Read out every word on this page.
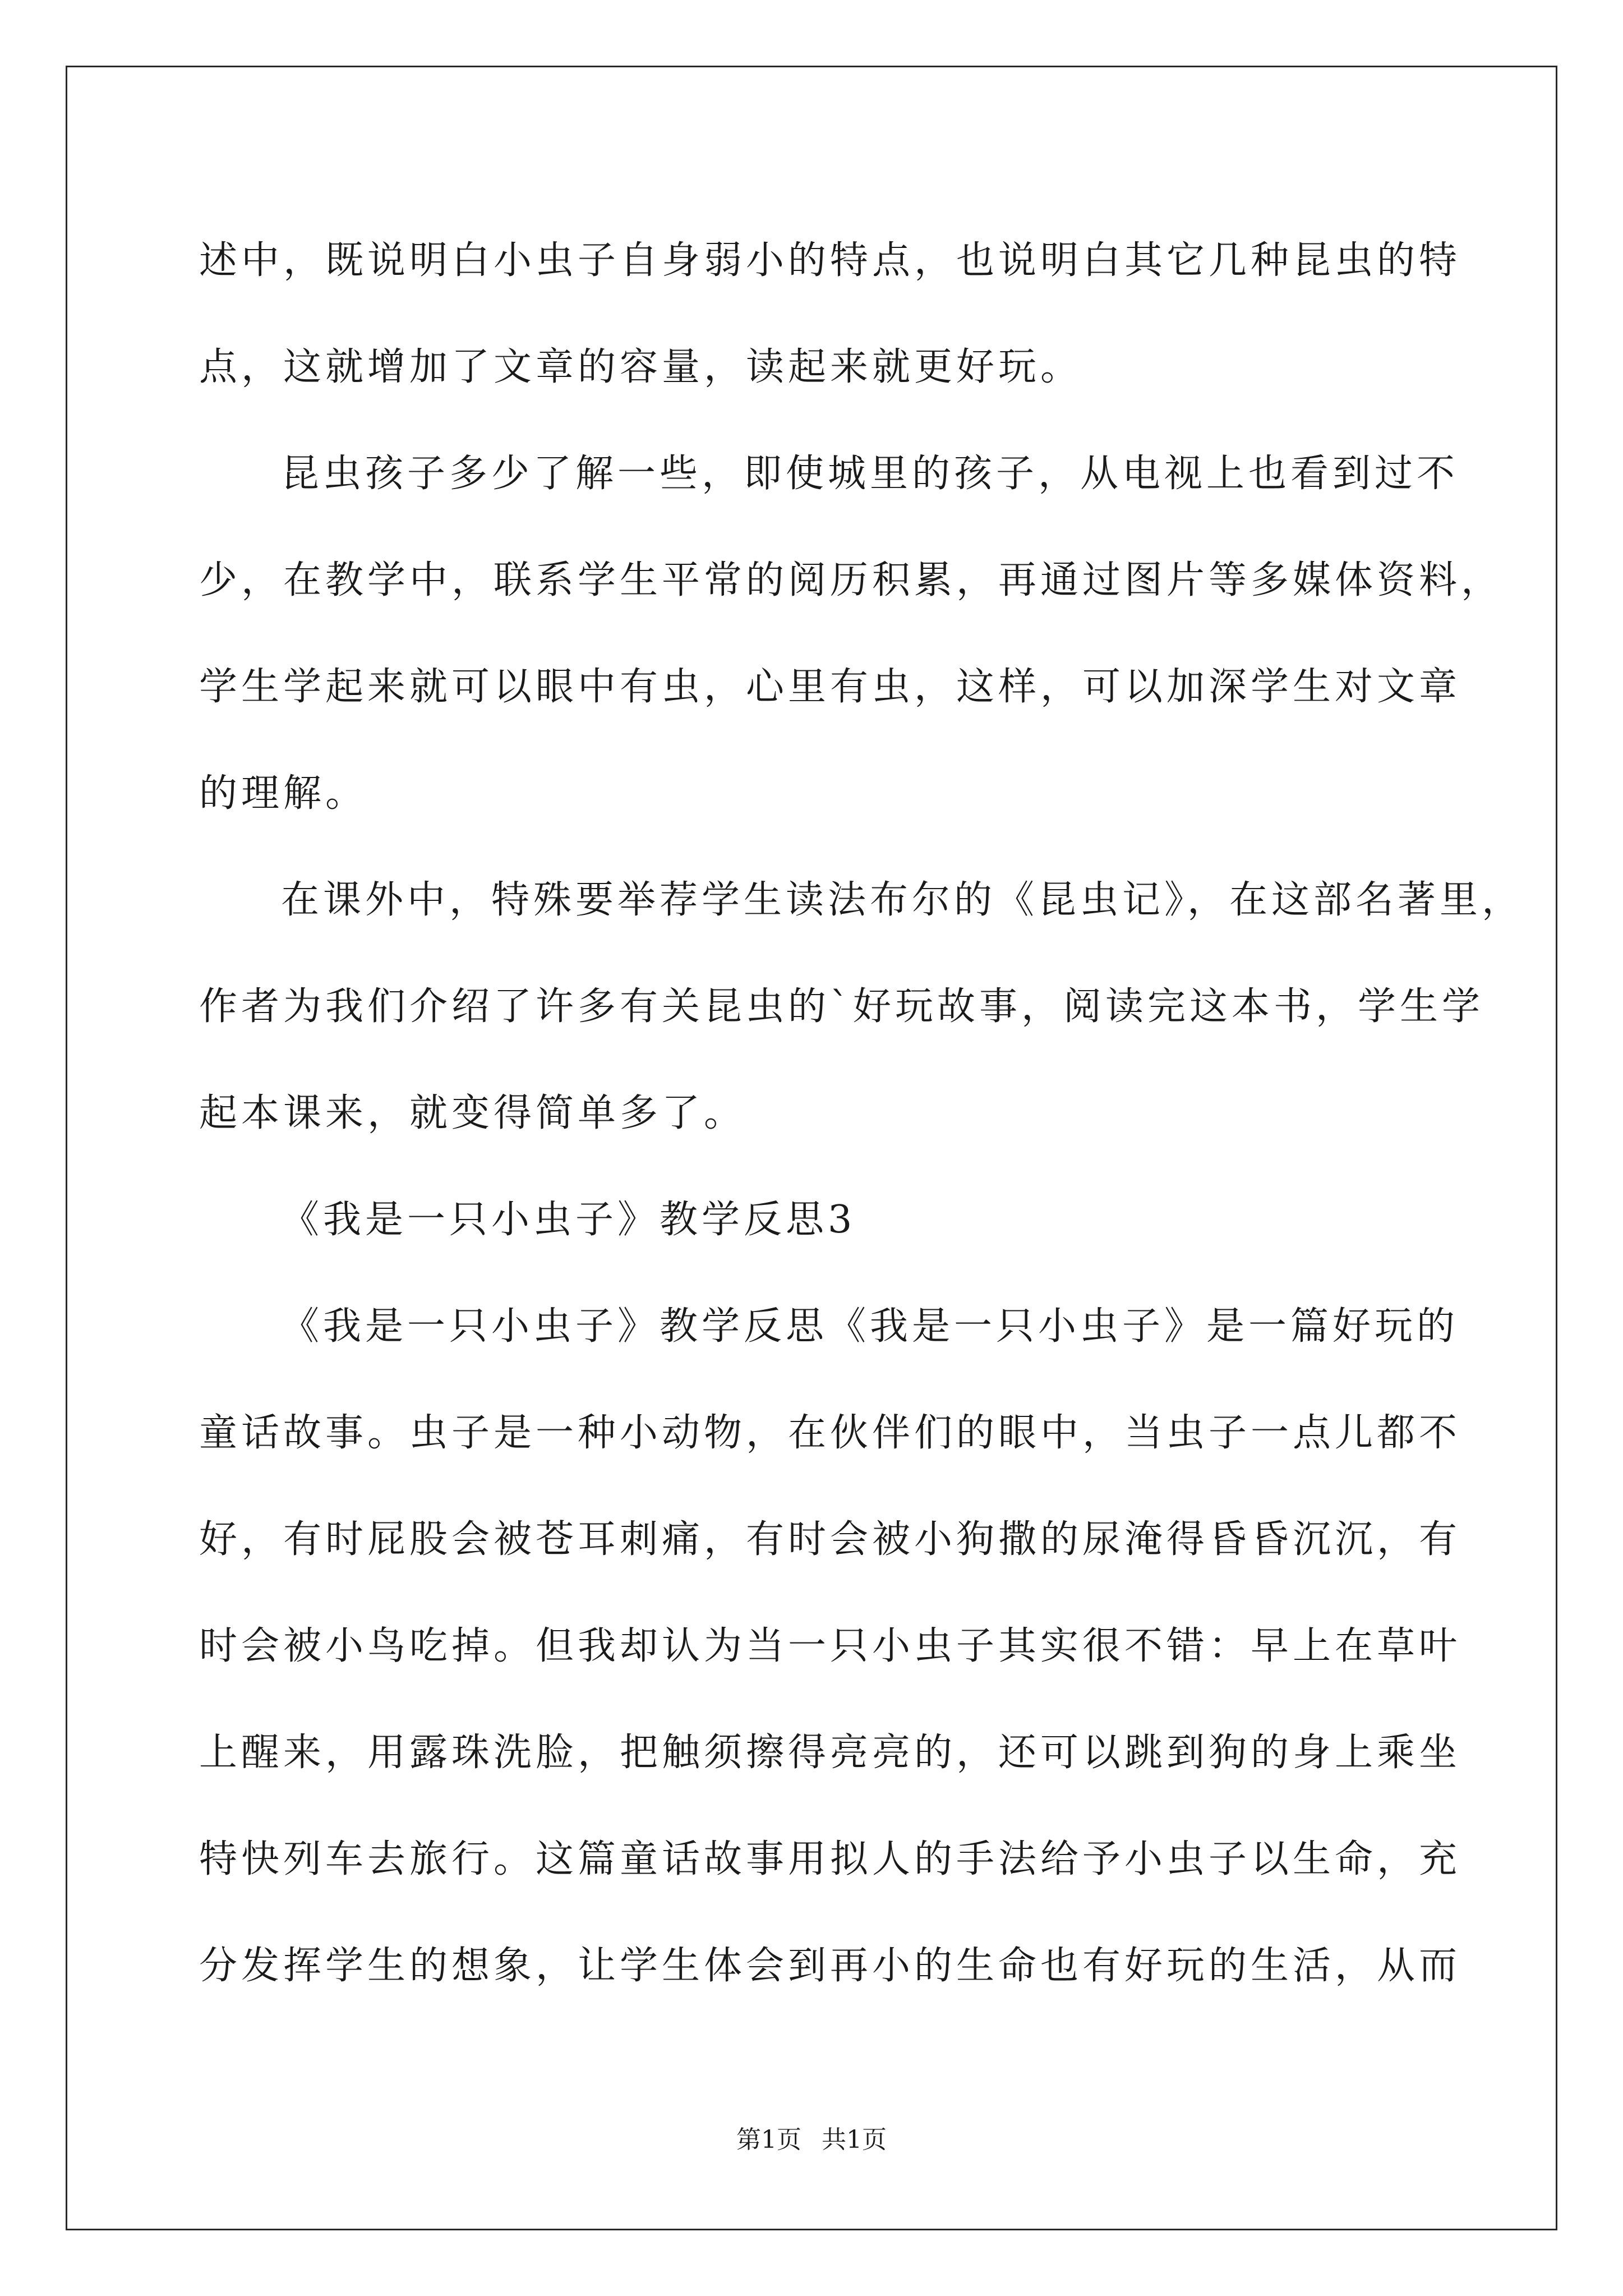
述中，既说明白小虫子自身弱小的特点，也说明白其它几种昆虫的特
点，这就增加了文章的容量，读起来就更好玩。
昆虫孩子多少了解一些，即使城里的孩子，从电视上也看到过不
少，在教学中，联系学生平常的阅历积累，再通过图片等多媒体资料，
学生学起来就可以眼中有虫，心里有虫，这样，可以加深学生对文章
的理解。
在课外中，特殊要举荐学生读法布尔的《昆虫记》，在这部名著里，
作者为我们介绍了许多有关昆虫的`好玩故事，阅读完这本书，学生学
起本课来，就变得简单多了。
《我是一只小虫子》教学反思3
《我是一只小虫子》教学反思《我是一只小虫子》是一篇好玩的
童话故事。虫子是一种小动物，在伙伴们的眼中，当虫子一点儿都不
好，有时屁股会被苍耳刺痛，有时会被小狗撒的尿淹得昏昏沉沉，有
时会被小鸟吃掉。但我却认为当一只小虫子其实很不错：早上在草叶
上醒来，用露珠洗脸，把触须擦得亮亮的，还可以跳到狗的身上乘坐
特快列车去旅行。这篇童话故事用拟人的手法给予小虫子以生命，充
分发挥学生的想象，让学生体会到再小的生命也有好玩的生活，从而
第1页 共1页
